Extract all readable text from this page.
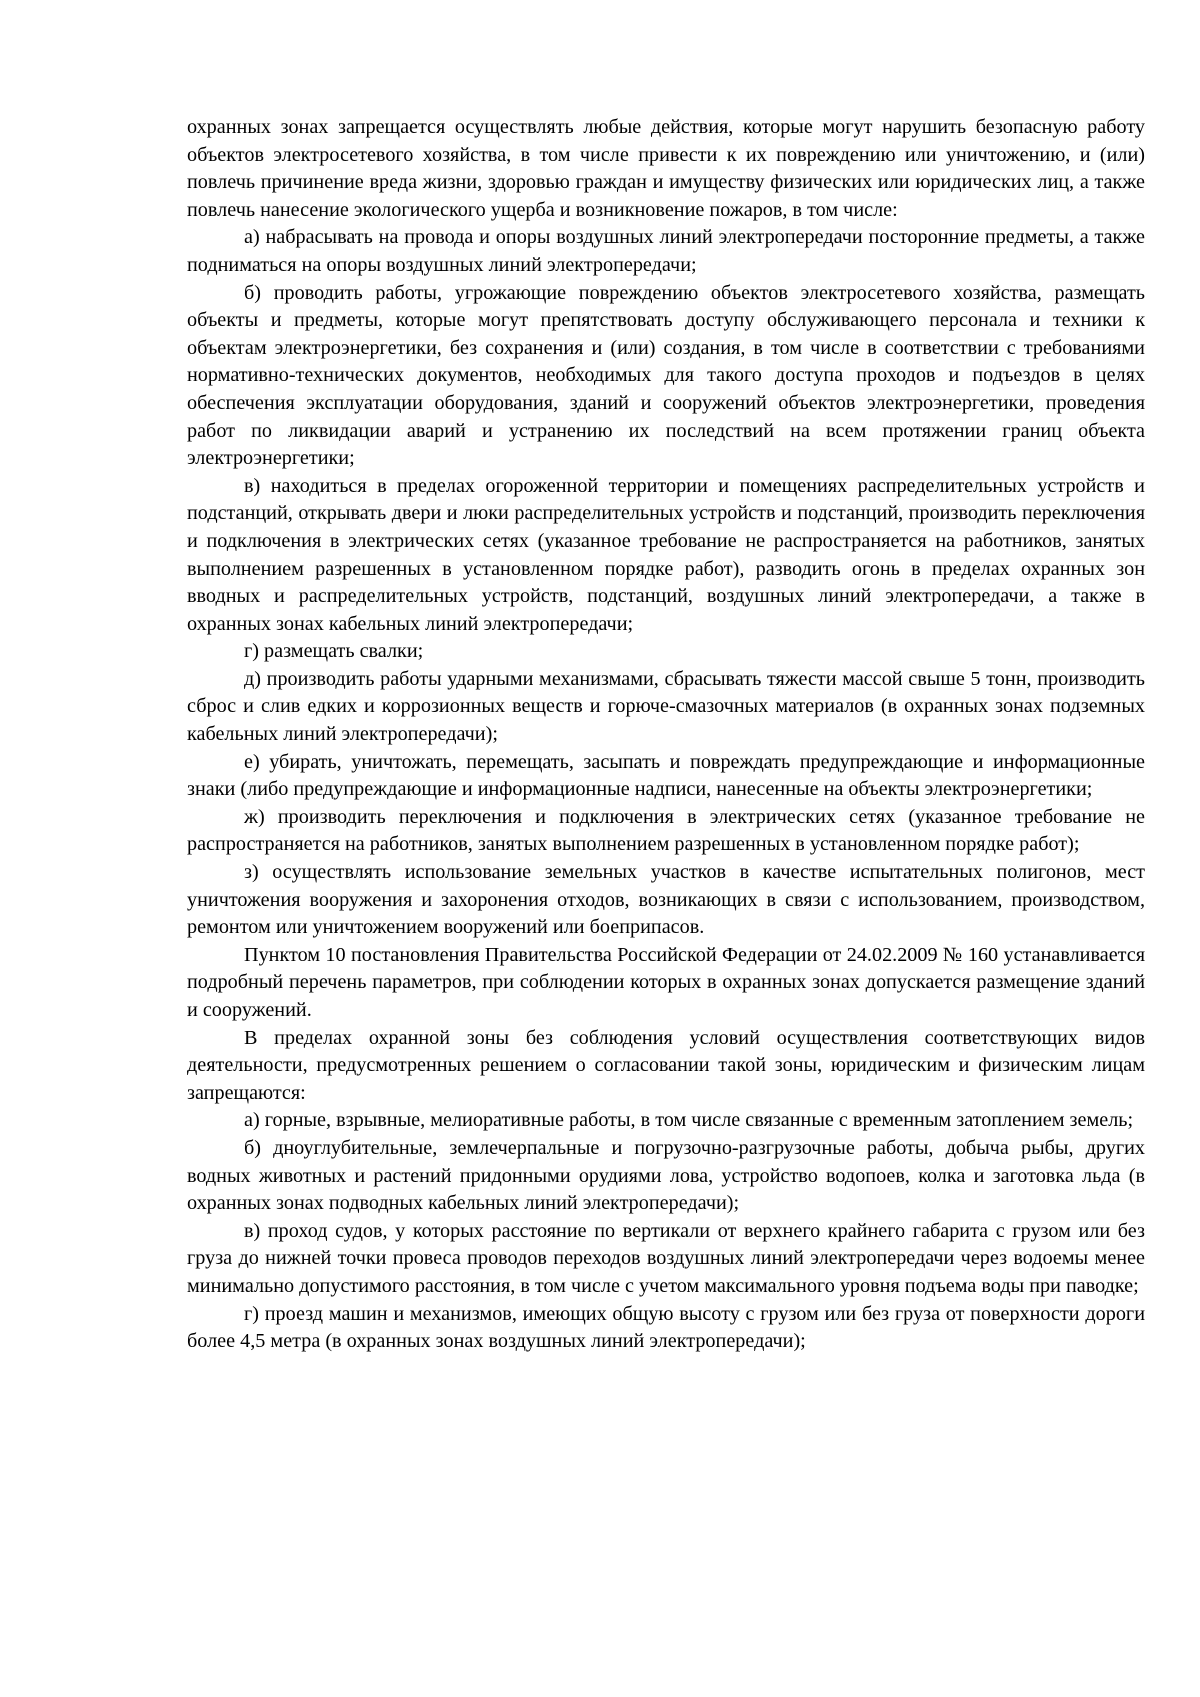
охранных зонах запрещается осуществлять любые действия, которые могут нарушить безопасную работу объектов электросетевого хозяйства, в том числе привести к их повреждению или уничтожению, и (или) повлечь причинение вреда жизни, здоровью граждан и имуществу физических или юридических лиц, а также повлечь нанесение экологического ущерба и возникновение пожаров, в том числе:

а) набрасывать на провода и опоры воздушных линий электропередачи посторонние предметы, а также подниматься на опоры воздушных линий электропередачи;

б) проводить работы, угрожающие повреждению объектов электросетевого хозяйства, размещать объекты и предметы, которые могут препятствовать доступу обслуживающего персонала и техники к объектам электроэнергетики, без сохранения и (или) создания, в том числе в соответствии с требованиями нормативно-технических документов, необходимых для такого доступа проходов и подъездов в целях обеспечения эксплуатации оборудования, зданий и сооружений объектов электроэнергетики, проведения работ по ликвидации аварий и устранению их последствий на всем протяжении границ объекта электроэнергетики;

в) находиться в пределах огороженной территории и помещениях распределительных устройств и подстанций, открывать двери и люки распределительных устройств и подстанций, производить переключения и подключения в электрических сетях (указанное требование не распространяется на работников, занятых выполнением разрешенных в установленном порядке работ), разводить огонь в пределах охранных зон вводных и распределительных устройств, подстанций, воздушных линий электропередачи, а также в охранных зонах кабельных линий электропередачи;

г) размещать свалки;

д) производить работы ударными механизмами, сбрасывать тяжести массой свыше 5 тонн, производить сброс и слив едких и коррозионных веществ и горюче-смазочных материалов (в охранных зонах подземных кабельных линий электропередачи);

е) убирать, уничтожать, перемещать, засыпать и повреждать предупреждающие и информационные знаки (либо предупреждающие и информационные надписи, нанесенные на объекты электроэнергетики;

ж) производить переключения и подключения в электрических сетях (указанное требование не распространяется на работников, занятых выполнением разрешенных в установленном порядке работ);

з) осуществлять использование земельных участков в качестве испытательных полигонов, мест уничтожения вооружения и захоронения отходов, возникающих в связи с использованием, производством, ремонтом или уничтожением вооружений или боеприпасов.

Пунктом 10 постановления Правительства Российской Федерации от 24.02.2009 № 160 устанавливается подробный перечень параметров, при соблюдении которых в охранных зонах допускается размещение зданий и сооружений.

В пределах охранной зоны без соблюдения условий осуществления соответствующих видов деятельности, предусмотренных решением о согласовании такой зоны, юридическим и физическим лицам запрещаются:

а) горные, взрывные, мелиоративные работы, в том числе связанные с временным затоплением земель;

б) дноуглубительные, землечерпальные и погрузочно-разгрузочные работы, добыча рыбы, других водных животных и растений придонными орудиями лова, устройство водопоев, колка и заготовка льда (в охранных зонах подводных кабельных линий электропередачи);

в) проход судов, у которых расстояние по вертикали от верхнего крайнего габарита с грузом или без груза до нижней точки провеса проводов переходов воздушных линий электропередачи через водоемы менее минимально допустимого расстояния, в том числе с учетом максимального уровня подъема воды при паводке;

г) проезд машин и механизмов, имеющих общую высоту с грузом или без груза от поверхности дороги более 4,5 метра (в охранных зонах воздушных линий электропередачи);
